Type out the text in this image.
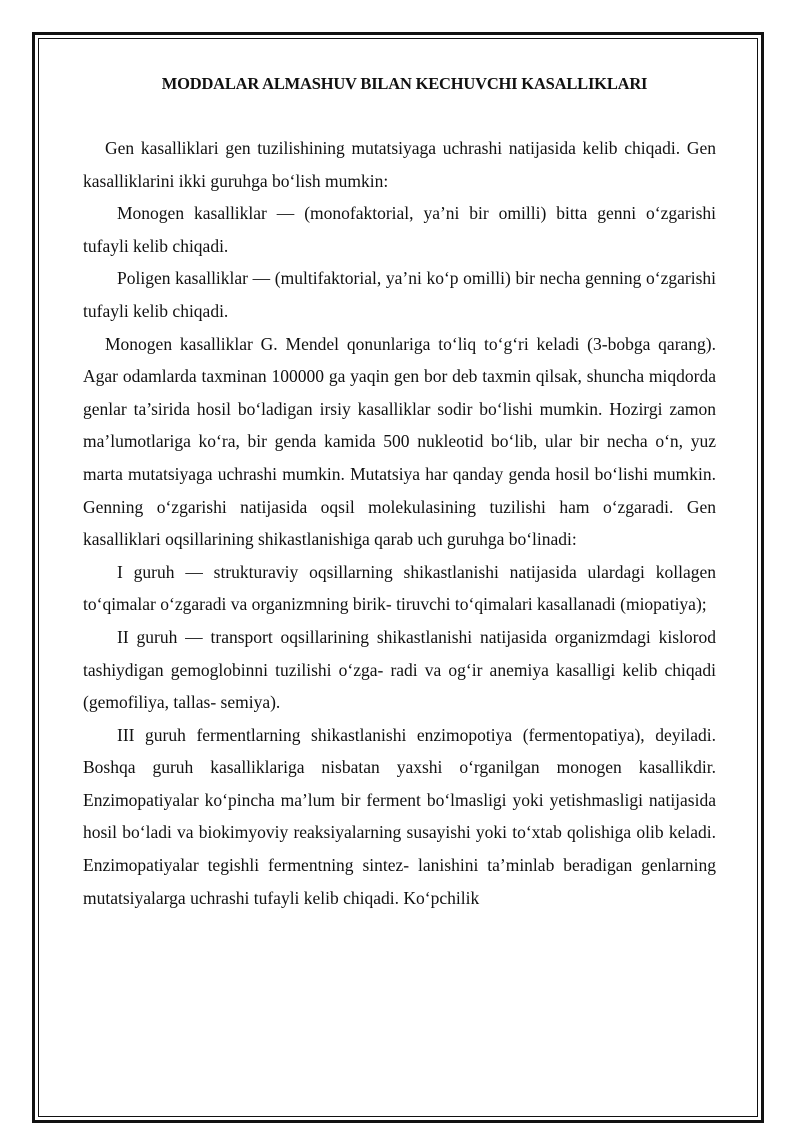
MODDALAR ALMASHUV BILAN KECHUVCHI KASALLIKLARI

Gen kasalliklari gen tuzilishining mutatsiyaga uchrashi natijasida kelib chiqadi. Gen kasalliklarini ikki guruhga bo‘lish mumkin:

Monogen kasalliklar — (monofaktorial, ya’ni bir omilli) bitta genni o‘zgarishi tufayli kelib chiqadi.

Poligen kasalliklar — (multifaktorial, ya’ni ko‘p omilli) bir necha genning o‘zgarishi tufayli kelib chiqadi.

Monogen kasalliklar G. Mendel qonunlariga to‘liq to‘g‘ri keladi (3-bobga qarang). Agar odamlarda taxminan 100000 ga yaqin gen bor deb taxmin qilsak, shuncha miqdorda genlar ta’sirida hosil bo‘ladigan irsiy kasalliklar sodir bo‘lishi mumkin. Hozirgi zamon ma’lumotlariga ko‘ra, bir genda kamida 500 nukleotid bo‘lib, ular bir necha o‘n, yuz marta mutatsiyaga uchrashi mumkin. Mutatsiya har qanday genda hosil bo‘lishi mumkin. Genning o‘zgarishi natijasida oqsil molekulasining tuzilishi ham o‘zgaradi. Gen kasalliklari oqsillarining shikastlanishiga qarab uch guruhga bo‘linadi:

I guruh — strukturaviy oqsillarning shikastlanishi natijasida ulardagi kollagen to‘qimalar o‘zgaradi va organizmning birik- tiruvchi to‘qimalari kasallanadi (miopatiya);

II guruh — transport oqsillarining shikastlanishi natijasida organizmdagi kislorod tashiydigan gemoglobinni tuzilishi o‘zga- radi va og‘ir anemiya kasalligi kelib chiqadi (gemofiliya, tallas- semiya).

III guruh fermentlarning shikastlanishi enzimopotiya (fermentopatiya), deyiladi. Boshqa guruh kasalliklariga nisbatan yaxshi o‘rganilgan monogen kasallikdir. Enzimopatiyalar ko‘pincha ma’lum bir ferment bo‘lmasligi yoki yetishmasligi natijasida hosil bo‘ladi va biokimyoviy reaksiyalarning susayishi yoki to‘xtab qolishiga olib keladi. Enzimopatiyalar tegishli fermentning sintez- lanishini ta’minlab beradigan genlarning mutatsiyalarga uchrashi tufayli kelib chiqadi. Ko‘pchilik
